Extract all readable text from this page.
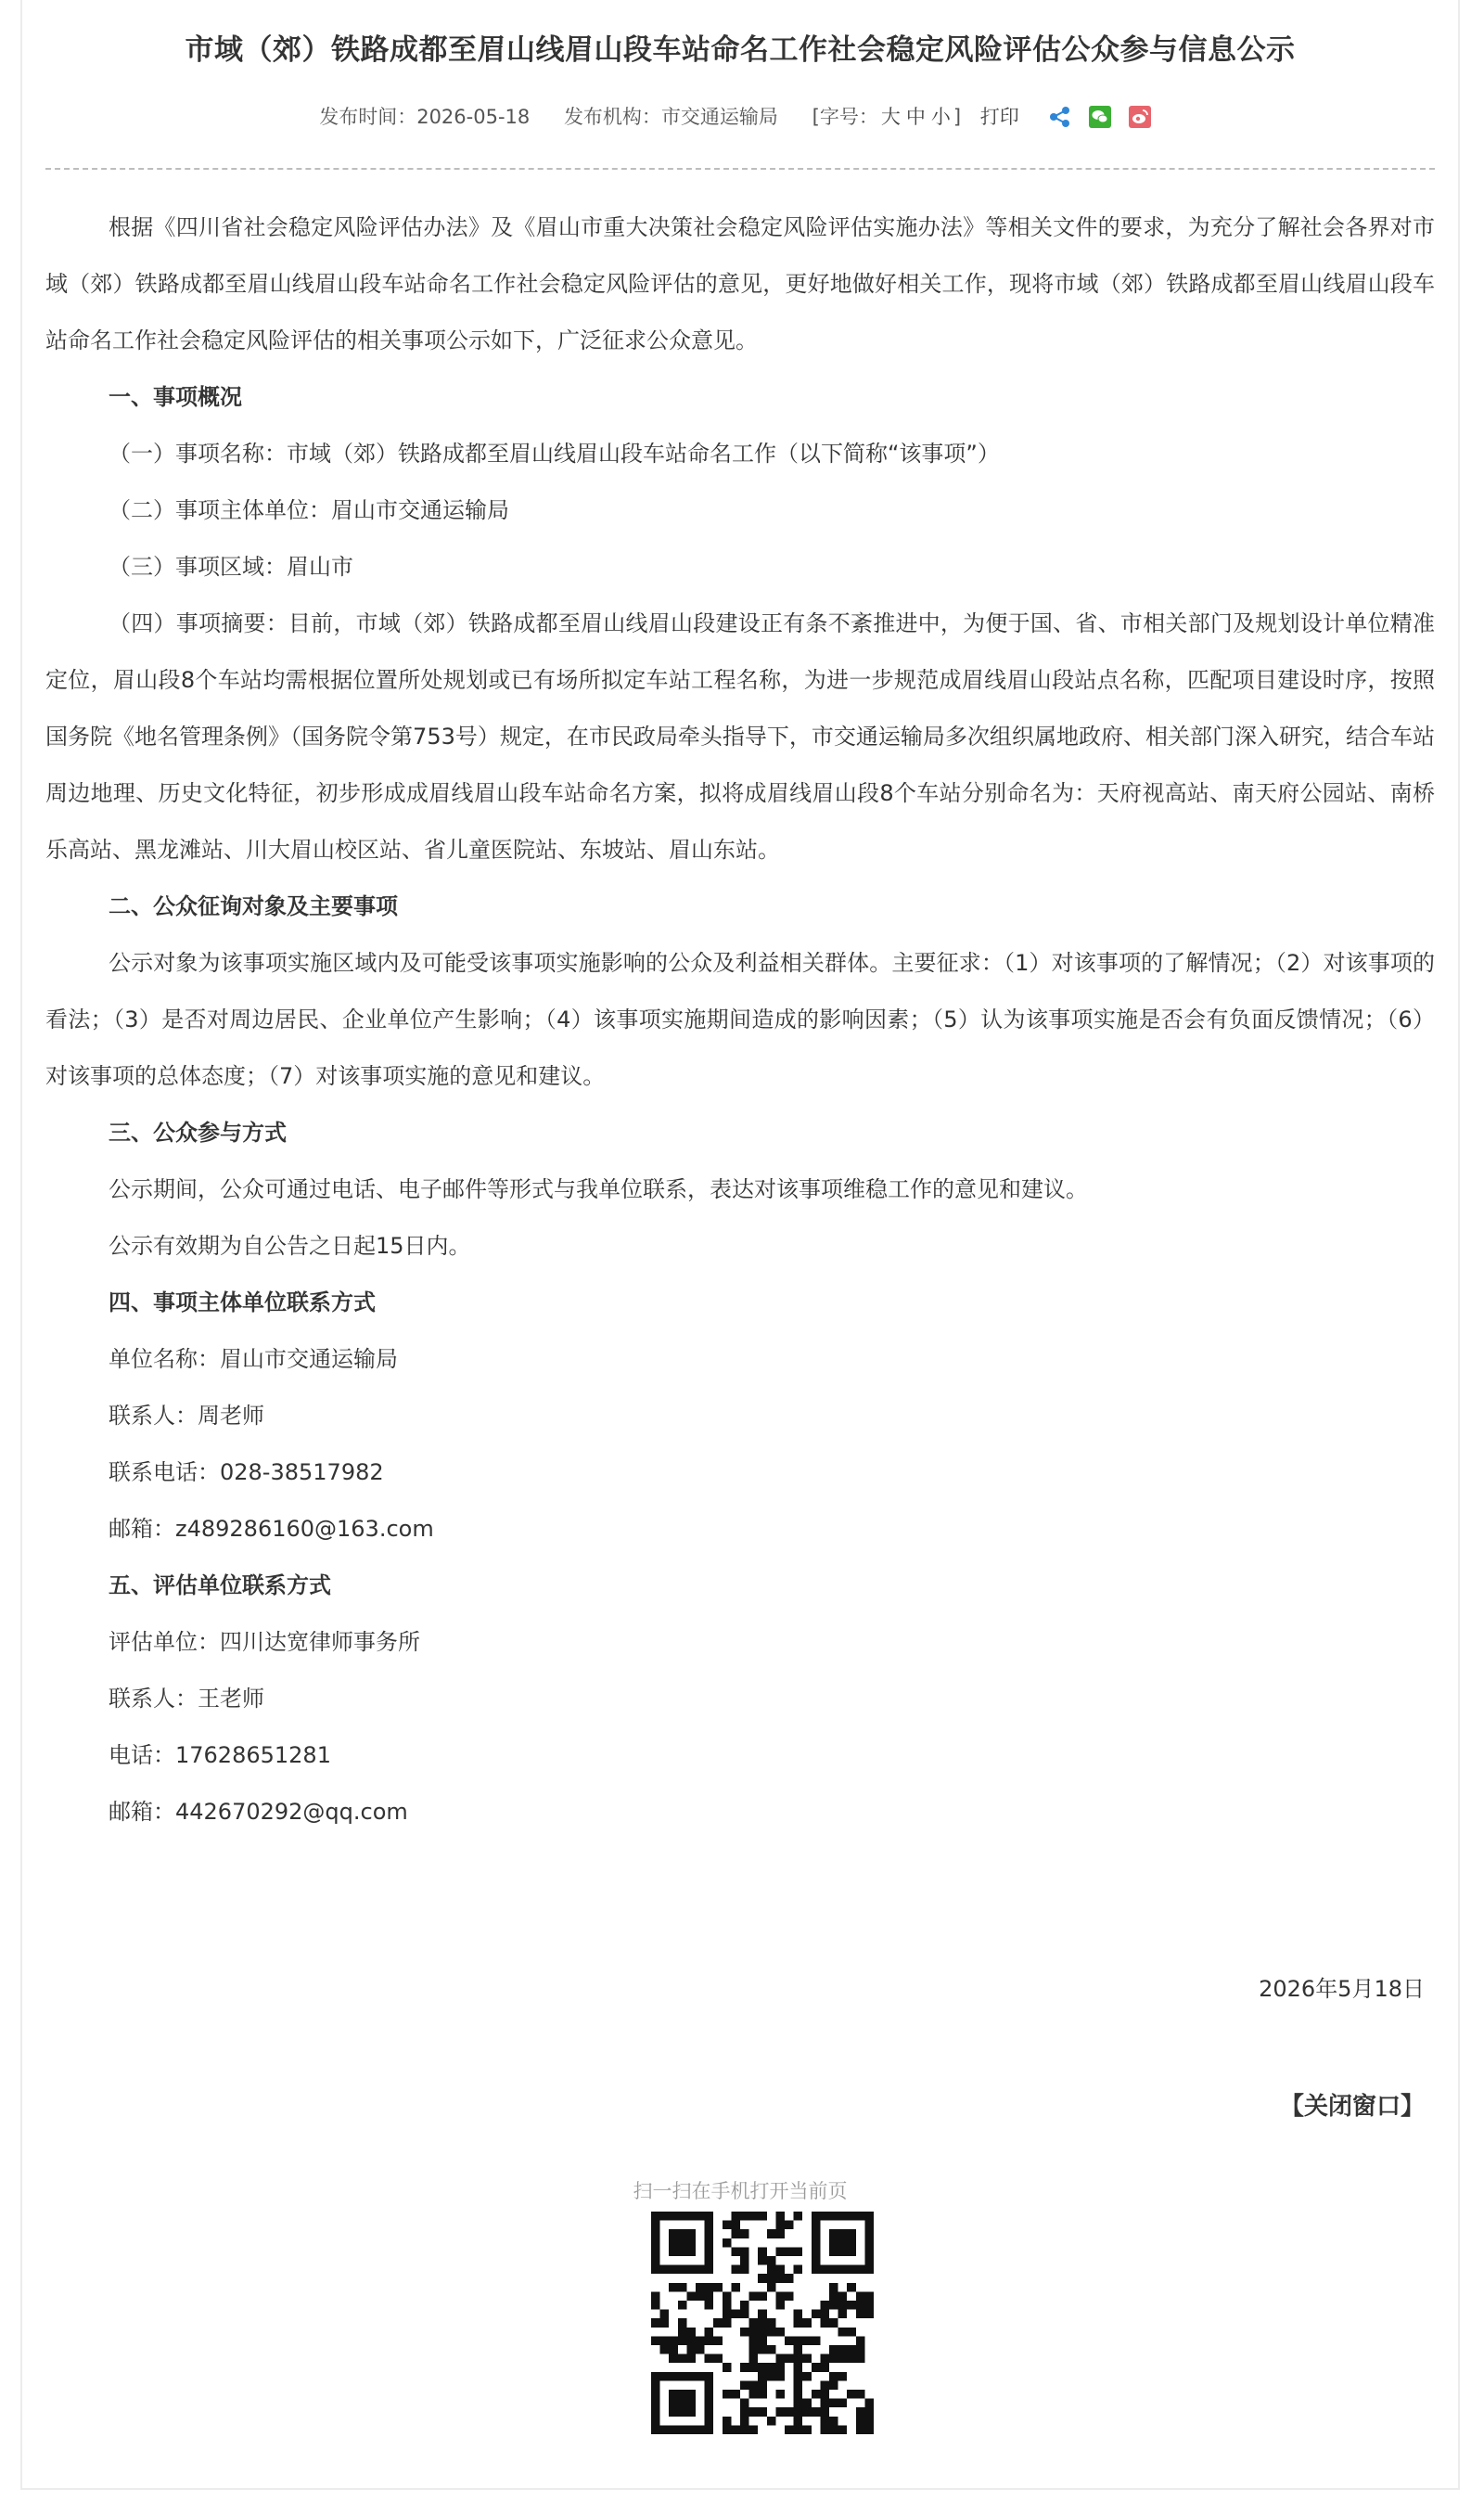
市域（郊）铁路成都至眉山线眉山段车站命名工作社会稳定风险评估公众参与信息公示
发布时间：2026-05-18 发布机构：市交通运输局 [字号： 大 中 小 ] 打印

根据《四川省社会稳定风险评估办法》及《眉山市重大决策社会稳定风险评估实施办法》等相关文件的要求，为充分了解社会各界对市域（郊）铁路成都至眉山线眉山段车站命名工作社会稳定风险评估的意见，更好地做好相关工作，现将市域（郊）铁路成都至眉山线眉山段车站命名工作社会稳定风险评估的相关事项公示如下，广泛征求公众意见。

一、事项概况

（一）事项名称：市域（郊）铁路成都至眉山线眉山段车站命名工作（以下简称“该事项”）

（二）事项主体单位：眉山市交通运输局

（三）事项区域：眉山市

（四）事项摘要：目前，市域（郊）铁路成都至眉山线眉山段建设正有条不紊推进中，为便于国、省、市相关部门及规划设计单位精准定位，眉山段8个车站均需根据位置所处规划或已有场所拟定车站工程名称，为进一步规范成眉线眉山段站点名称，匹配项目建设时序，按照国务院《地名管理条例》（国务院令第753号）规定，在市民政局牵头指导下，市交通运输局多次组织属地政府、相关部门深入研究，结合车站周边地理、历史文化特征，初步形成成眉线眉山段车站命名方案，拟将成眉线眉山段8个车站分别命名为：天府视高站、南天府公园站、南桥乐高站、黑龙滩站、川大眉山校区站、省儿童医院站、东坡站、眉山东站。

二、公众征询对象及主要事项

公示对象为该事项实施区域内及可能受该事项实施影响的公众及利益相关群体。主要征求：（1）对该事项的了解情况；（2）对该事项的看法；（3）是否对周边居民、企业单位产生影响；（4）该事项实施期间造成的影响因素；（5）认为该事项实施是否会有负面反馈情况；（6）对该事项的总体态度；（7）对该事项实施的意见和建议。

三、公众参与方式

公示期间，公众可通过电话、电子邮件等形式与我单位联系，表达对该事项维稳工作的意见和建议。

公示有效期为自公告之日起15日内。

四、事项主体单位联系方式

单位名称：眉山市交通运输局

联系人：周老师

联系电话：028-38517982

邮箱：z489286160@163.com

五、评估单位联系方式

评估单位：四川达宽律师事务所

联系人：王老师

电话：17628651281

邮箱：442670292@qq.com

2026年5月18日
【关闭窗口】
扫一扫在手机打开当前页
